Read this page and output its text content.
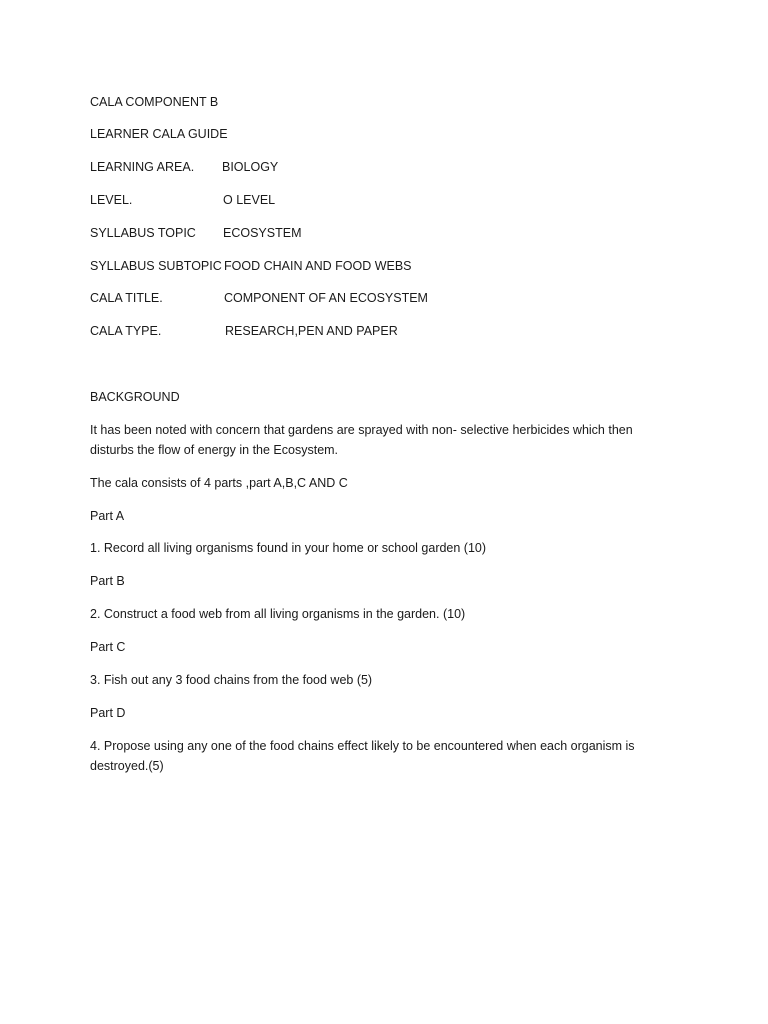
CALA COMPONENT B
LEARNER CALA GUIDE
LEARNING AREA. BIOLOGY
LEVEL.	O LEVEL
SYLLABUS TOPIC ECOSYSTEM
SYLLABUS SUBTOPIC FOOD CHAIN AND FOOD WEBS
CALA TITLE.	COMPONENT OF AN ECOSYSTEM
CALA TYPE.	RESEARCH,PEN AND PAPER
BACKGROUND
It has been noted with concern that gardens are sprayed with non- selective herbicides which then disturbs the flow of energy in the Ecosystem.
The cala consists of 4 parts ,part A,B,C AND C
Part A
1. Record all living organisms found in your home or school garden (10)
Part B
2. Construct a food web from all living organisms in the garden. (10)
Part C
3. Fish out any 3 food chains from the food web (5)
Part D
4. Propose using any one of the food chains effect likely to be encountered when each organism is destroyed.(5)
